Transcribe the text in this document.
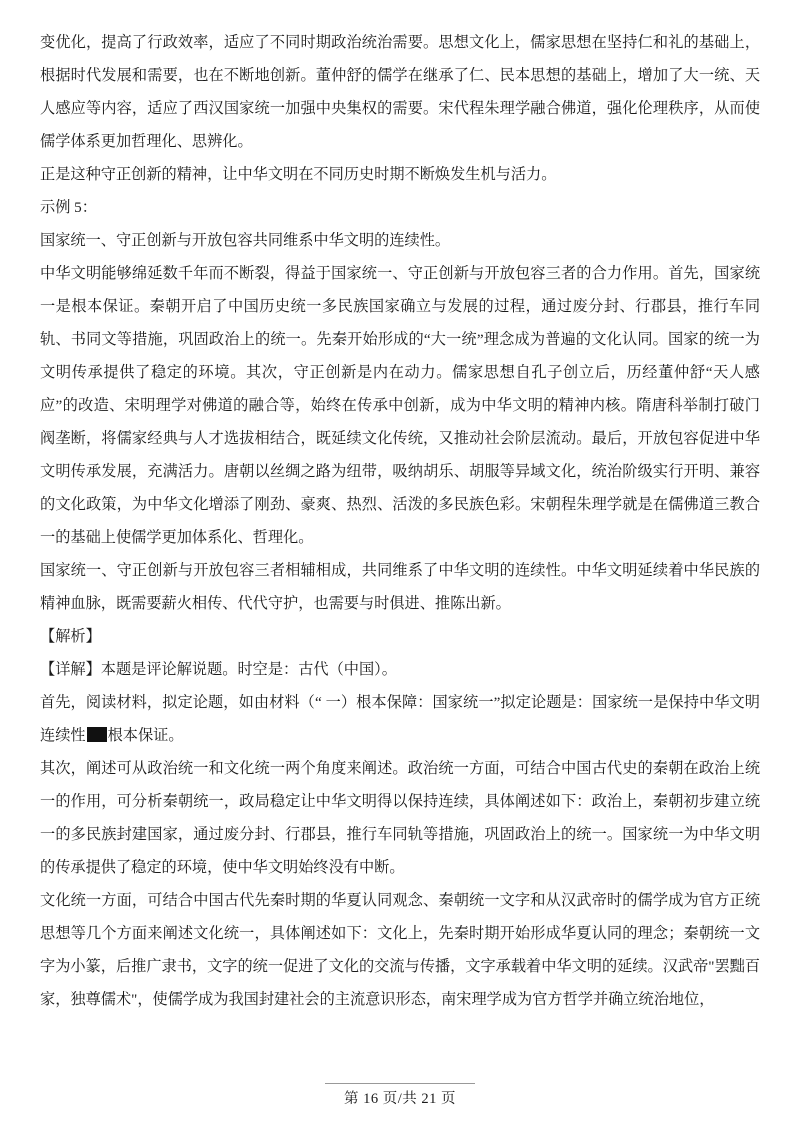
变优化，提高了行政效率，适应了不同时期政治统治需要。思想文化上，儒家思想在坚持仁和礼的基础上，根据时代发展和需要，也在不断地创新。董仲舒的儒学在继承了仁、民本思想的基础上，增加了大一统、天人感应等内容，适应了西汉国家统一加强中央集权的需要。宋代程朱理学融合佛道，强化伦理秩序，从而使儒学体系更加哲理化、思辨化。

正是这种守正创新的精神，让中华文明在不同历史时期不断焕发生机与活力。

示例 5：

国家统一、守正创新与开放包容共同维系中华文明的连续性。

中华文明能够绵延数千年而不断裂，得益于国家统一、守正创新与开放包容三者的合力作用。首先，国家统一是根本保证。秦朝开启了中国历史统一多民族国家确立与发展的过程，通过废分封、行郡县，推行车同轨、书同文等措施，巩固政治上的统一。先秦开始形成的“大一统”理念成为普遍的文化认同。国家的统一为文明传承提供了稳定的环境。其次，守正创新是内在动力。儒家思想自孔子创立后，历经董仲舒“天人感应”的改造、宋明理学对佛道的融合等，始终在传承中创新，成为中华文明的精神内核。隋唐科举制打破门阀垄断，将儒家经典与人才选拔相结合，既延续文化传统，又推动社会阶层流动。最后，开放包容促进中华文明传承发展，充满活力。唐朝以丝绸之路为纽带，吸纳胡乐、胡服等异域文化，统治阶级实行开明、兼容的文化政策，为中华文化增添了刚劲、豪爽、热烈、活泼的多民族色彩。宋朝程朱理学就是在儒佛道三教合一的基础上使儒学更加体系化、哲理化。

国家统一、守正创新与开放包容三者相辅相成，共同维系了中华文明的连续性。中华文明延续着中华民族的精神血脉，既需要薪火相传、代代守护，也需要与时俱进、推陈出新。

【解析】

【详解】本题是评论解说题。时空是：古代（中国）。

首先，阅读材料，拟定论题，如由材料（“ 一）根本保障：国家统一”拟定论题是：国家统一是保持中华文明连续性 根本保证。

其次，阐述可从政治统一和文化统一两个角度来阐述。政治统一方面，可结合中国古代史的秦朝在政治上统一的作用，可分析秦朝统一，政局稳定让中华文明得以保持连续，具体阐述如下：政治上，秦朝初步建立统一的多民族封建国家，通过废分封、行郡县，推行车同轨等措施，巩固政治上的统一。国家统一为中华文明的传承提供了稳定的环境，使中华文明始终没有中断。

文化统一方面，可结合中国古代先秦时期的华夏认同观念、秦朝统一文字和从汉武帝时的儒学成为官方正统思想等几个方面来阐述文化统一，具体阐述如下：文化上，先秦时期开始形成华夏认同的理念；秦朝统一文字为小篆，后推广隶书，文字的统一促进了文化的交流与传播，文字承载着中华文明的延续。汉武帝"罢黜百家，独尊儒术"，使儒学成为我国封建社会的主流意识形态，南宋理学成为官方哲学并确立统治地位，

第 16 页/共 21 页
